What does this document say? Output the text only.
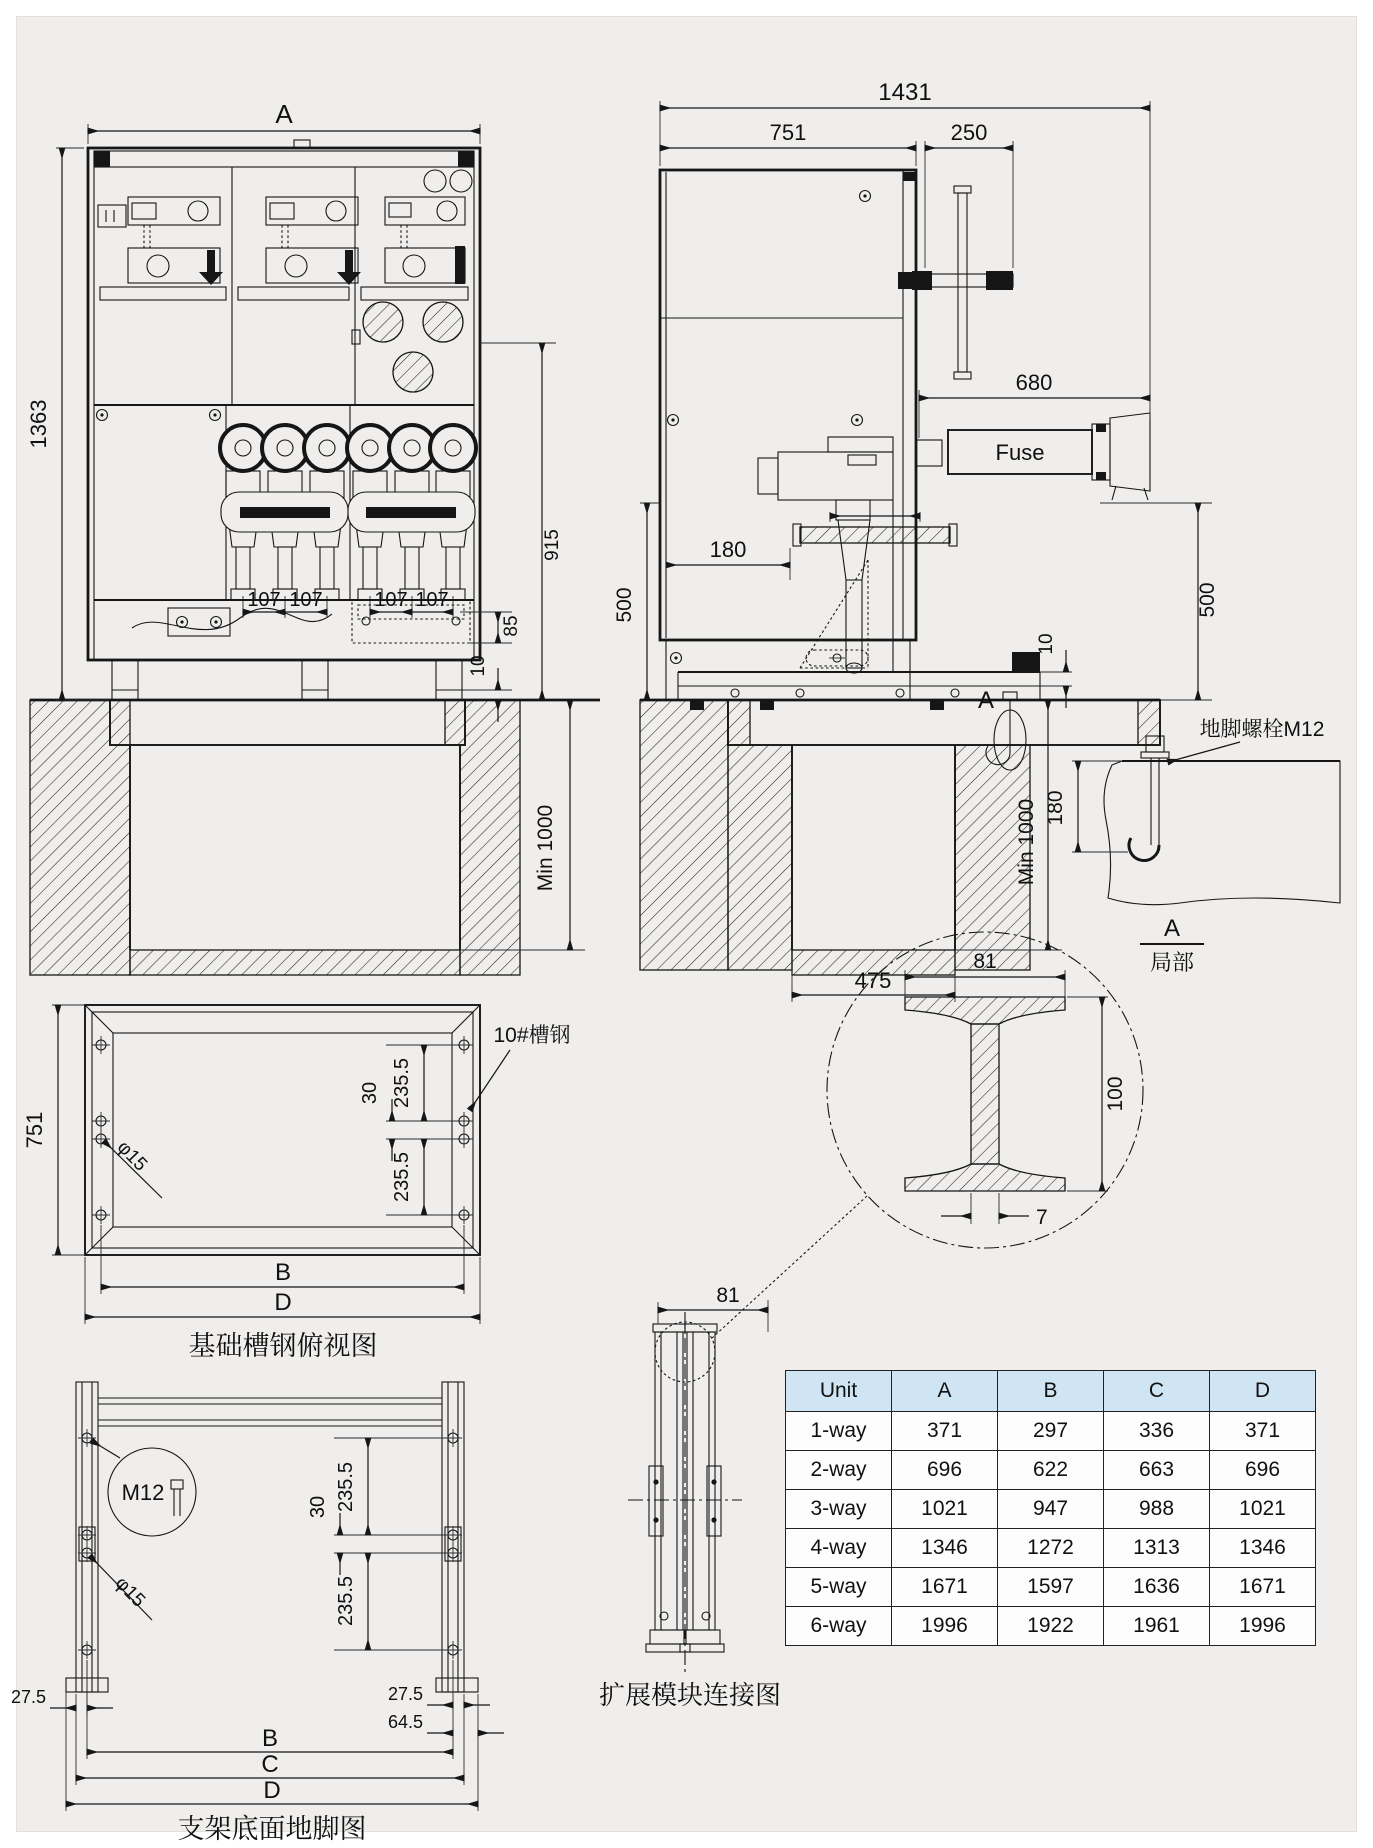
107 107	107 107
A
1363
85
10
915
Min 1000
Fuse
A
1431
751	250
680
180
500	500
10
Min 1000
475
地脚螺栓M12
180
A
局部
751
φ15
235.5
30
235.5
10#槽钢
B
D
基础槽钢俯视图
M12
φ15
235.5
30
235.5
27.5	27.5
64.5
B
C
D
支架底面地脚图
81
100
7
81
扩展模块连接图
Unit	A	B	C	D
1-way	371	297	336	371
2-way	696	622	663	696
3-way	1021	947	988	1021
4-way	1346	1272	1313	1346
5-way	1671	1597	1636	1671
6-way	1996	1922	1961	1996
